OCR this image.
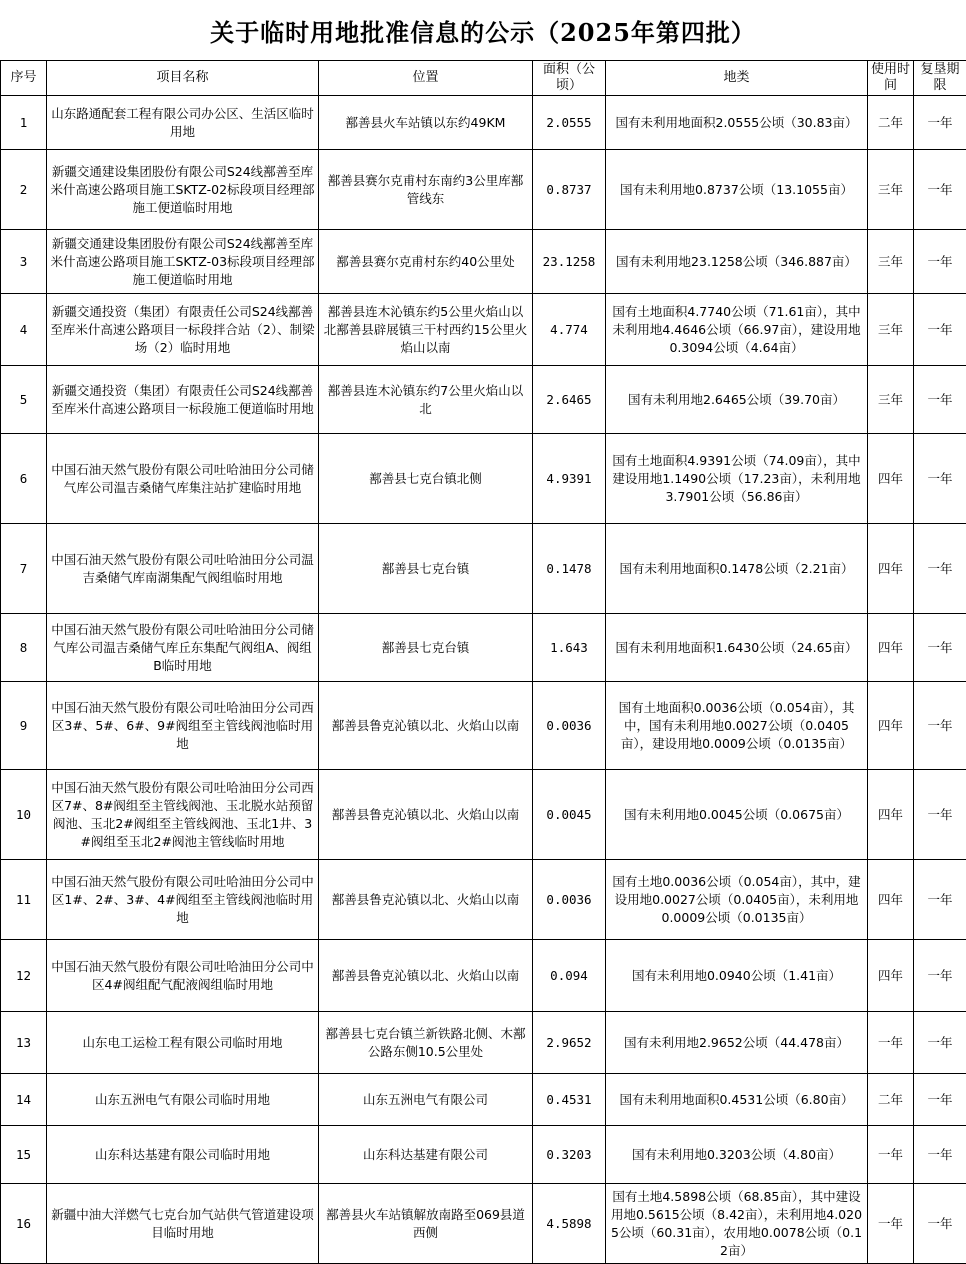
关于临时用地批准信息的公示（2025年第四批）
序号	项目名称	位置	面积（公顷）	地类	使用时间	复垦期限
1	山东路通配套工程有限公司办公区、生活区临时用地	鄯善县火车站镇以东约49KM	2.0555	国有未利用地面积2.0555公顷（30.83亩）	二年	一年
2	新疆交通建设集团股份有限公司S24线鄯善至库米什高速公路项目施工SKTZ-02标段项目经理部施工便道临时用地	鄯善县赛尔克甫村东南约3公里库鄯管线东	0.8737	国有未利用地0.8737公顷（13.1055亩）	三年	一年
3	新疆交通建设集团股份有限公司S24线鄯善至库米什高速公路项目施工SKTZ-03标段项目经理部施工便道临时用地	鄯善县赛尔克甫村东约40公里处	23.1258	国有未利用地23.1258公顷（346.887亩）	三年	一年
4	新疆交通投资（集团）有限责任公司S24线鄯善至库米什高速公路项目一标段拌合站（2）、制梁场（2）临时用地	鄯善县连木沁镇东约5公里火焰山以北鄯善县辟展镇三干村西约15公里火焰山以南	4.774	国有土地面积4.7740公顷（71.61亩），其中未利用地4.4646公顷（66.97亩），建设用地0.3094公顷（4.64亩）	三年	一年
5	新疆交通投资（集团）有限责任公司S24线鄯善至库米什高速公路项目一标段施工便道临时用地	鄯善县连木沁镇东约7公里火焰山以北	2.6465	国有未利用地2.6465公顷（39.70亩）	三年	一年
6	中国石油天然气股份有限公司吐哈油田分公司储气库公司温吉桑储气库集注站扩建临时用地	鄯善县七克台镇北侧	4.9391	国有土地面积4.9391公顷（74.09亩），其中建设用地1.1490公顷（17.23亩），未利用地3.7901公顷（56.86亩）	四年	一年
7	中国石油天然气股份有限公司吐哈油田分公司温吉桑储气库南湖集配气阀组临时用地	鄯善县七克台镇	0.1478	国有未利用地面积0.1478公顷（2.21亩）	四年	一年
8	中国石油天然气股份有限公司吐哈油田分公司储气库公司温吉桑储气库丘东集配气阀组A、阀组B临时用地	鄯善县七克台镇	1.643	国有未利用地面积1.6430公顷（24.65亩）	四年	一年
9	中国石油天然气股份有限公司吐哈油田分公司西区3#、5#、6#、9#阀组至主管线阀池临时用地	鄯善县鲁克沁镇以北、火焰山以南	0.0036	国有土地面积0.0036公顷（0.054亩），其中，国有未利用地0.0027公顷（0.0405亩），建设用地0.0009公顷（0.0135亩）	四年	一年
10	中国石油天然气股份有限公司吐哈油田分公司西区7#、8#阀组至主管线阀池、玉北脱水站预留阀池、玉北2#阀组至主管线阀池、玉北1井、3#阀组至玉北2#阀池主管线临时用地	鄯善县鲁克沁镇以北、火焰山以南	0.0045	国有未利用地0.0045公顷（0.0675亩）	四年	一年
11	中国石油天然气股份有限公司吐哈油田分公司中区1#、2#、3#、4#阀组至主管线阀池临时用地	鄯善县鲁克沁镇以北、火焰山以南	0.0036	国有土地0.0036公顷（0.054亩），其中，建设用地0.0027公顷（0.0405亩），未利用地0.0009公顷（0.0135亩）	四年	一年
12	中国石油天然气股份有限公司吐哈油田分公司中区4#阀组配气配液阀组临时用地	鄯善县鲁克沁镇以北、火焰山以南	0.094	国有未利用地0.0940公顷（1.41亩）	四年	一年
13	山东电工运检工程有限公司临时用地	鄯善县七克台镇兰新铁路北侧、木鄯公路东侧10.5公里处	2.9652	国有未利用地2.9652公顷（44.478亩）	一年	一年
14	山东五洲电气有限公司临时用地	山东五洲电气有限公司	0.4531	国有未利用地面积0.4531公顷（6.80亩）	二年	一年
15	山东科达基建有限公司临时用地	山东科达基建有限公司	0.3203	国有未利用地0.3203公顷（4.80亩）	一年	一年
16	新疆中油大洋燃气七克台加气站供气管道建设项目临时用地	鄯善县火车站镇解放南路至069县道西侧	4.5898	国有土地4.5898公顷（68.85亩），其中建设用地0.5615公顷（8.42亩），未利用地4.0205公顷（60.31亩），农用地0.0078公顷（0.12亩）	一年	一年
